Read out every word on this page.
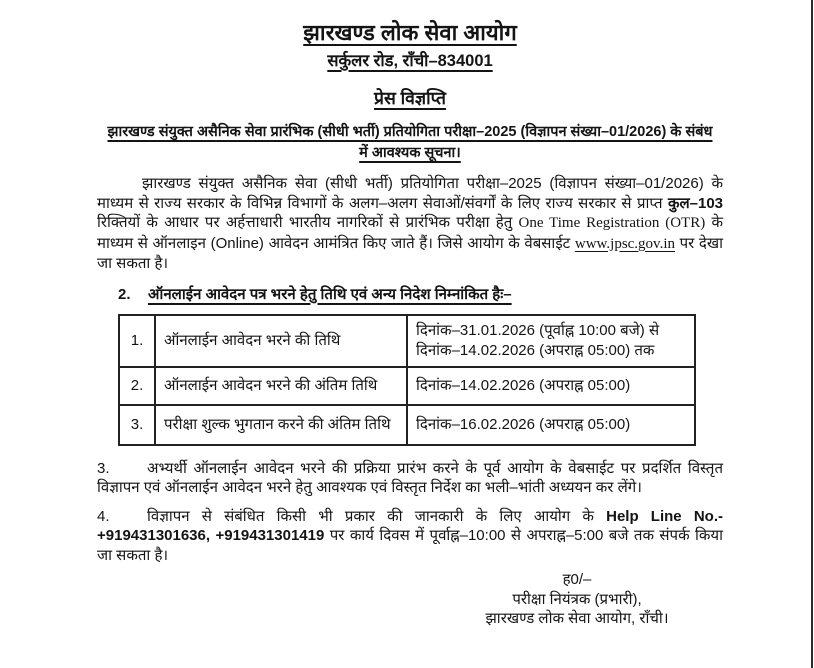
झारखण्ड लोक सेवा आयोग
सर्कुलर रोड, राँची–834001
प्रेस विज्ञप्ति
झारखण्ड संयुक्त असैनिक सेवा प्रारंभिक (सीधी भर्ती) प्रतियोगिता परीक्षा–2025 (विज्ञापन संख्या–01/2026) के संबंध में आवश्यक सूचना।

झारखण्ड संयुक्त असैनिक सेवा (सीधी भर्ती) प्रतियोगिता परीक्षा–2025 (विज्ञापन संख्या–01/2026) के माध्यम से राज्य सरकार के विभिन्न विभागों के अलग–अलग सेवाओं/संवर्गों के लिए राज्य सरकार से प्राप्त कुल–103 रिक्तियों के आधार पर अर्हत्ताधारी भारतीय नागरिकों से प्रारंभिक परीक्षा हेतु One Time Registration (OTR) के माध्यम से ऑनलाइन (Online) आवेदन आमंत्रित किए जाते हैं। जिसे आयोग के वेबसाईट www.jpsc.gov.in पर देखा जा सकता है।

2. ऑनलाईन आवेदन पत्र भरने हेतु तिथि एवं अन्य निदेश निम्नांकित हैः–
1.	ऑनलाईन आवेदन भरने की तिथि	दिनांक–31.01.2026 (पूर्वाह्न 10:00 बजे) से
दिनांक–14.02.2026 (अपराह्न 05:00) तक

2.	ऑनलाईन आवेदन भरने की अंतिम तिथि	दिनांक–14.02.2026 (अपराह्न 05:00)
3.	परीक्षा शुल्क भुगतान करने की अंतिम तिथि	दिनांक–16.02.2026 (अपराह्न 05:00)

3. अभ्यर्थी ऑनलाईन आवेदन भरने की प्रक्रिया प्रारंभ करने के पूर्व आयोग के वेबसाईट पर प्रदर्शित विस्तृत विज्ञापन एवं ऑनलाईन आवेदन भरने हेतु आवश्यक एवं विस्तृत निर्देश का भली–भांती अध्ययन कर लेंगे।

4. विज्ञापन से संबंधित किसी भी प्रकार की जानकारी के लिए आयोग के Help Line No.- +919431301636, +919431301419 पर कार्य दिवस में पूर्वाह्न–10:00 से अपराह्न–5:00 बजे तक संपर्क किया जा सकता है।

ह0/–
परीक्षा नियंत्रक (प्रभारी),
झारखण्ड लोक सेवा आयोग, राँची।
